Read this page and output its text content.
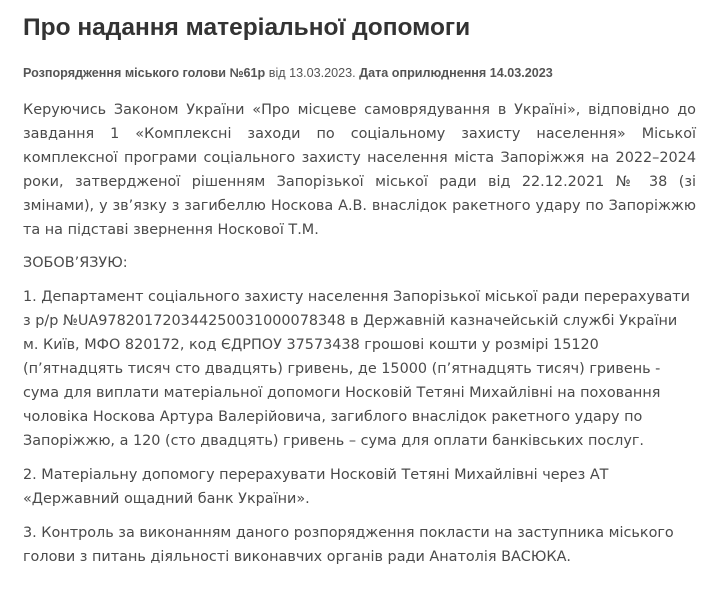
Про надання матеріальної допомоги
Розпорядження міського голови №61р від 13.03.2023. Дата оприлюднення 14.03.2023

Керуючись Законом України «Про місцеве самоврядування в Україні», відповідно до завдання 1 «Комплексні заходи по соціальному захисту населення» Міської комплексної програми соціального захисту населення міста Запоріжжя на 2022–2024 роки, затвердженої рішенням Запорізької міської ради від 22.12.2021 № 38 (зі змінами), у зв’язку з загибеллю Носкова А.В. внаслідок ракетного удару по Запоріжжю та на підставі звернення Носкової Т.М.

ЗОБОВ’ЯЗУЮ:

1. Департамент соціального захисту населення Запорізької міської ради перерахувати з р/р №UA978201720344250031000078348 в Державній казначейській службі України м. Київ, МФО 820172, код ЄДРПОУ 37573438 грошові кошти у розмірі 15120 (п’ятнадцять тисяч сто двадцять) гривень, де 15000 (п’ятнадцять тисяч) гривень - сума для виплати матеріальної допомоги Носковій Тетяні Михайлівні на поховання чоловіка Носкова Артура Валерійовича, загиблого внаслідок ракетного удару по Запоріжжю, а 120 (сто двадцять) гривень – сума для оплати банківських послуг.

2. Матеріальну допомогу перерахувати Носковій Тетяні Михайлівні через АТ «Державний ощадний банк України».

3. Контроль за виконанням даного розпорядження покласти на заступника міського голови з питань діяльності виконавчих органів ради Анатолія ВАСЮКА.
